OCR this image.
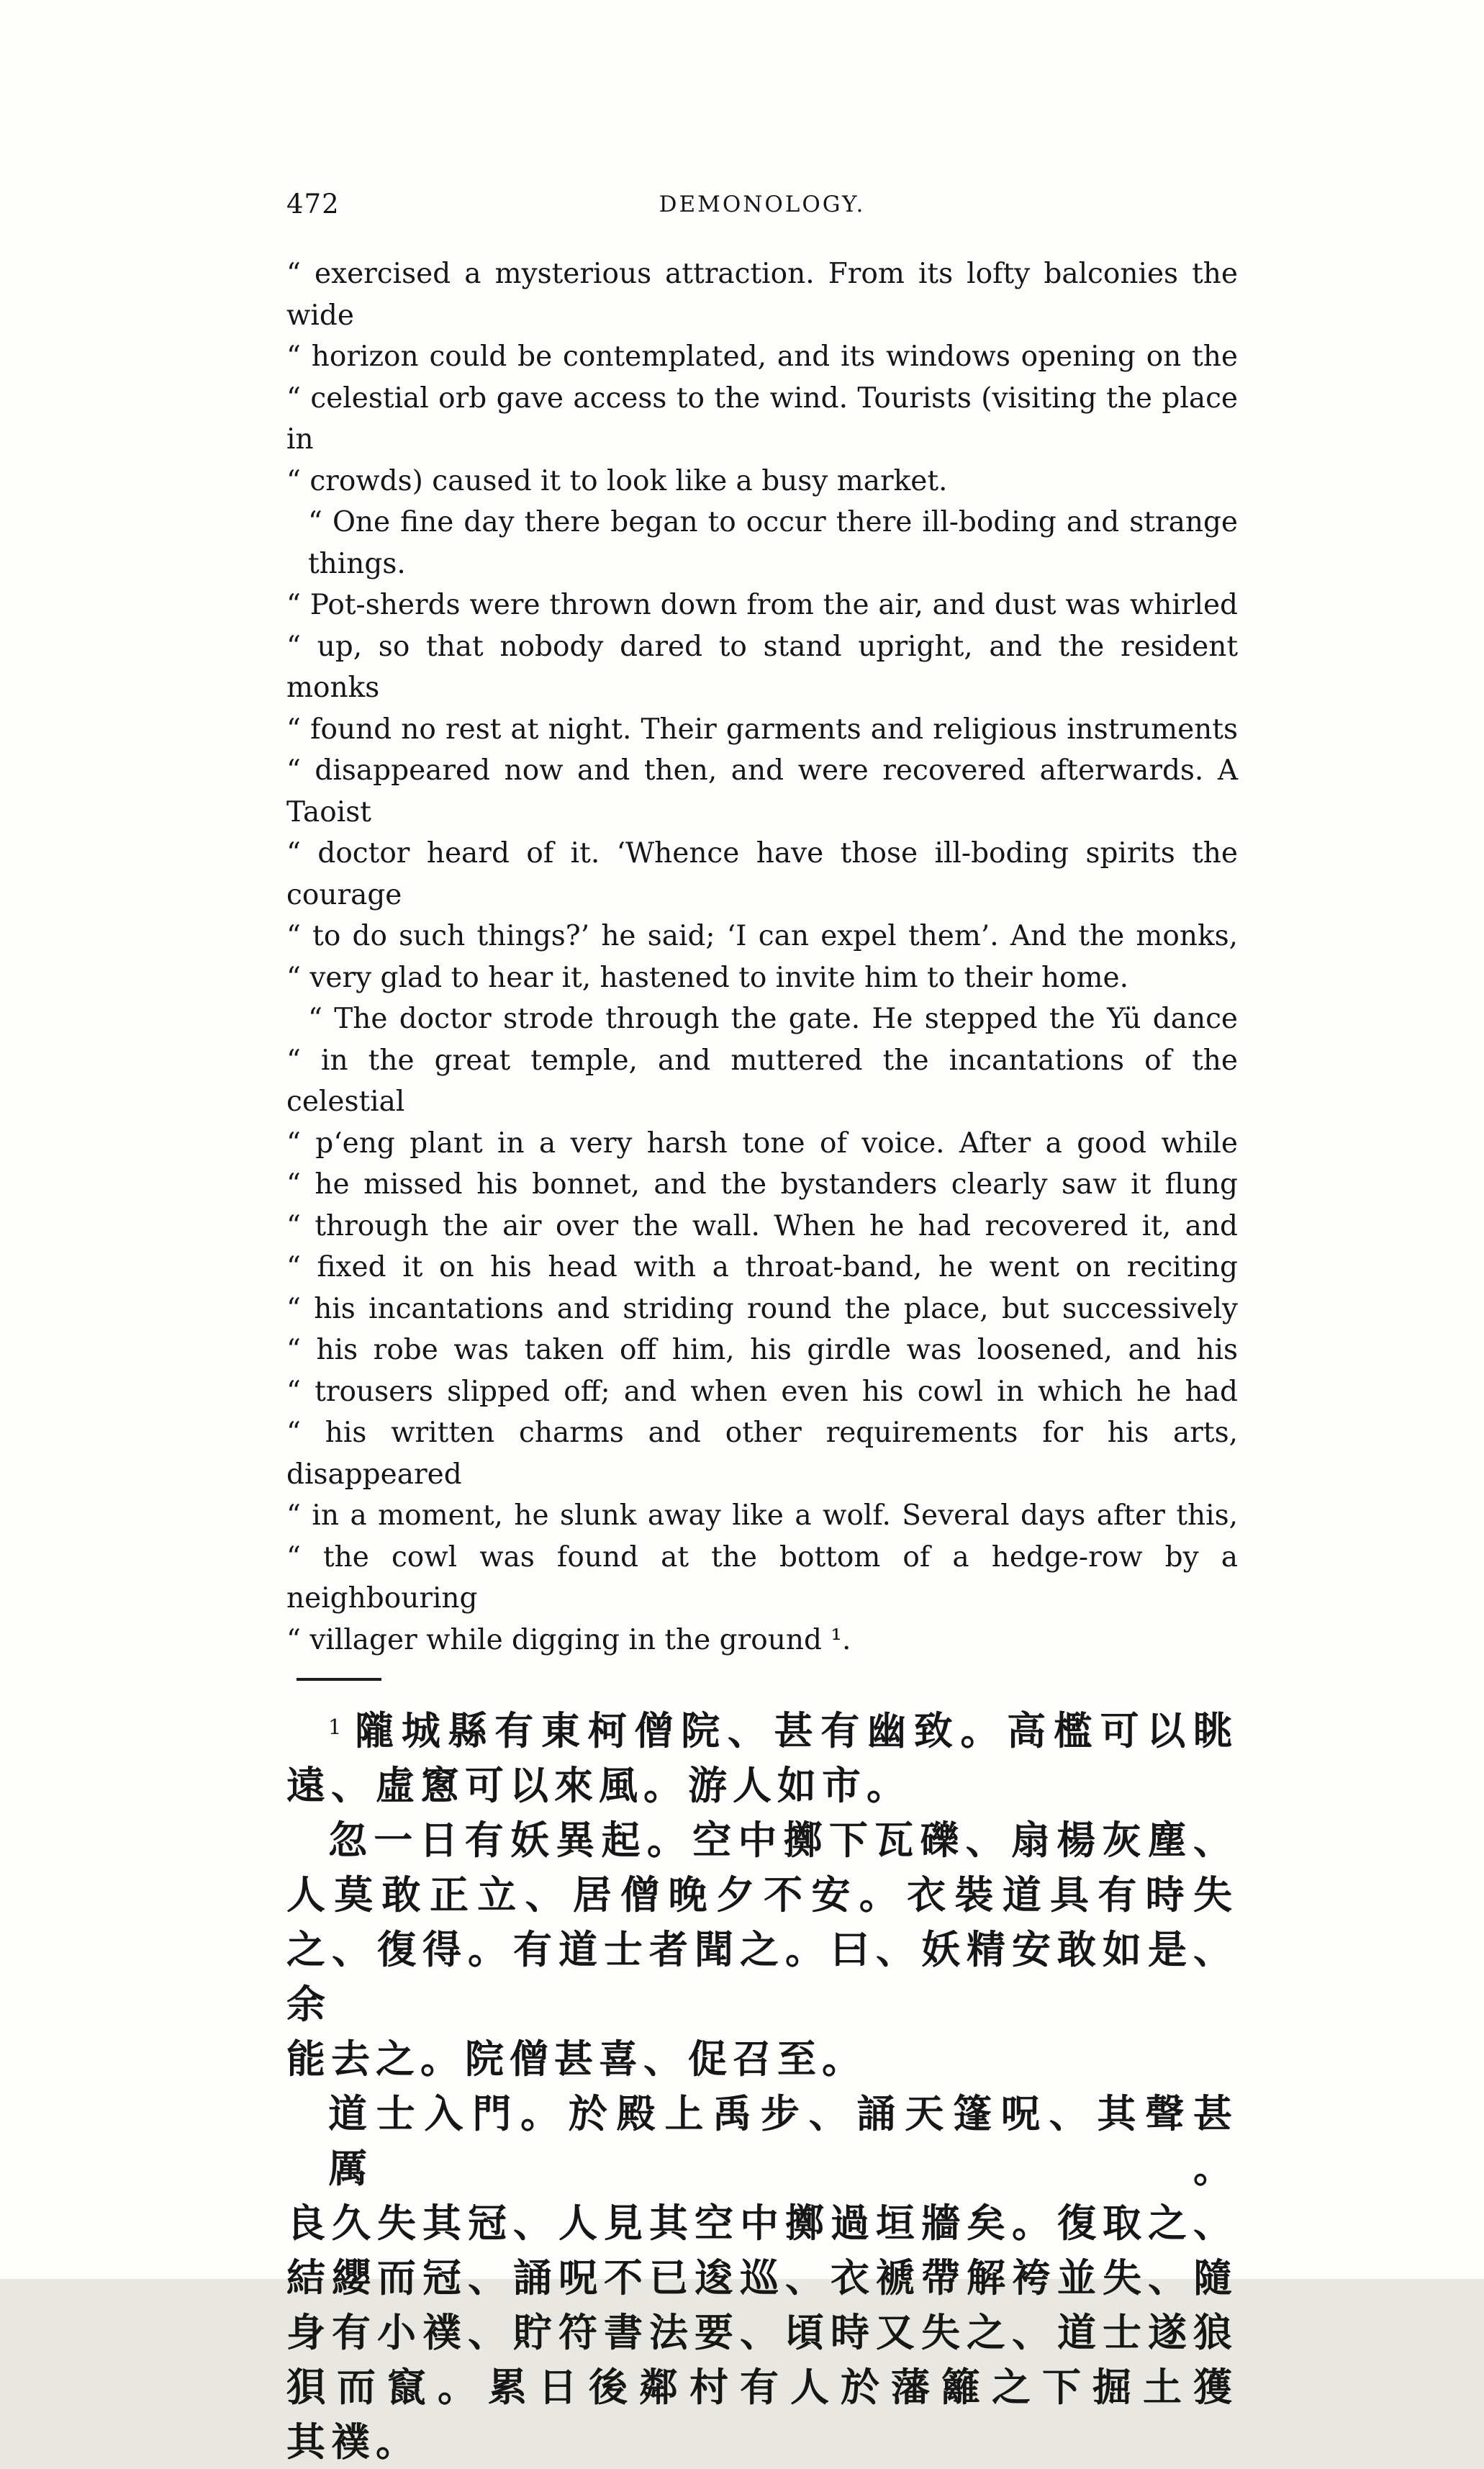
472	DEMONOLOGY.
“ exercised a mysterious attraction. From its lofty balconies the wide
“ horizon could be contemplated, and its windows opening on the
“ celestial orb gave access to the wind. Tourists (visiting the place in
“ crowds) caused it to look like a busy market.
“ One fine day there began to occur there ill-boding and strange things.
“ Pot-sherds were thrown down from the air, and dust was whirled
“ up, so that nobody dared to stand upright, and the resident monks
“ found no rest at night. Their garments and religious instruments
“ disappeared now and then, and were recovered afterwards. A Taoist
“ doctor heard of it. ‘Whence have those ill-boding spirits the courage
“ to do such things?’ he said; ‘I can expel them’. And the monks,
“ very glad to hear it, hastened to invite him to their home.
“ The doctor strode through the gate. He stepped the Yü dance
“ in the great temple, and muttered the incantations of the celestial
“ pʻeng plant in a very harsh tone of voice. After a good while
“ he missed his bonnet, and the bystanders clearly saw it flung
“ through the air over the wall. When he had recovered it, and
“ fixed it on his head with a throat-band, he went on reciting
“ his incantations and striding round the place, but successively
“ his robe was taken off him, his girdle was loosened, and his
“ trousers slipped off; and when even his cowl in which he had
“ his written charms and other requirements for his arts, disappeared
“ in a moment, he slunk away like a wolf. Several days after this,
“ the cowl was found at the bottom of a hedge-row by a neighbouring
“ villager while digging in the ground ¹.
$^1$ 隴城縣有東柯僧院、甚有幽致。高檻可以眺
遠、虛窻可以來風。游人如市。
忽一日有妖異起。空中擲下瓦礫、扇楊灰塵、
人莫敢正立、居僧晚夕不安。衣裝道具有時失
之、復得。有道士者聞之。曰、妖精安敢如是、余
能去之。院僧甚喜、促召至。
道士入門。於殿上禹步、誦天篷呪、其聲甚厲。
良久失其冠、人見其空中擲過垣牆矣。復取之、
結纓而冠、誦呪不已逡巡、衣褫帶解袴並失、隨
身有小襆、貯符書法要、頃時又失之、道士遂狼
狽而竄。累日後鄰村有人於藩籬之下掘土獲
其襆。
